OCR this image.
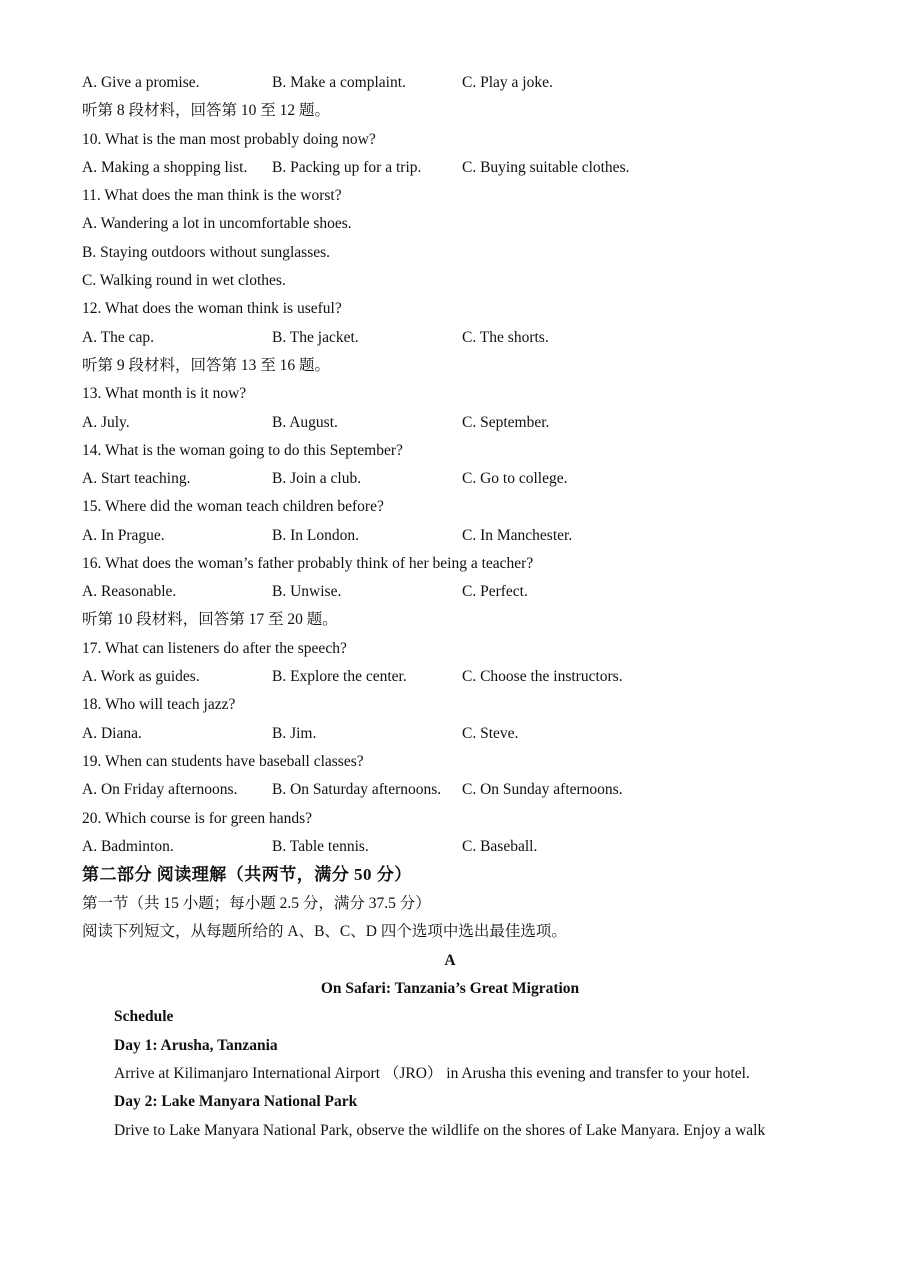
A. Give a promise.	B. Make a complaint.	C. Play a joke.
听第 8 段材料，回答第 10 至 12 题。
10. What is the man most probably doing now?
A. Making a shopping list. B. Packing up for a trip.	C. Buying suitable clothes.
11. What does the man think is the worst?
A. Wandering a lot in uncomfortable shoes.
B. Staying outdoors without sunglasses.
C. Walking round in wet clothes.
12. What does the woman think is useful?
A. The cap.	B. The jacket.	C. The shorts.
听第 9 段材料，回答第 13 至 16 题。
13. What month is it now?
A. July.	B. August.	C. September.
14. What is the woman going to do this September?
A. Start teaching.	B. Join a club.	C. Go to college.
15. Where did the woman teach children before?
A. In Prague.	B. In London.	C. In Manchester.
16. What does the woman’s father probably think of her being a teacher?
A. Reasonable.	B. Unwise.	C. Perfect.
听第 10 段材料，回答第 17 至 20 题。
17. What can listeners do after the speech?
A. Work as guides.	B. Explore the center.	C. Choose the instructors.
18. Who will teach jazz?
A. Diana.	B. Jim.	C. Steve.
19. When can students have baseball classes?
A. On Friday afternoons. B. On Saturday afternoons. C. On Sunday afternoons.
20. Which course is for green hands?
A. Badminton.	B. Table tennis.	C. Baseball.
第二部分 阅读理解（共两节，满分 50 分）
第一节（共 15 小题；每小题 2.5 分，满分 37.5 分）
阅读下列短文，从每题所给的 A、B、C、D 四个选项中选出最佳选项。
A
On Safari: Tanzania’s Great Migration
Schedule
Day 1: Arusha, Tanzania
Arrive at Kilimanjaro International Airport （JRO） in Arusha this evening and transfer to your hotel.
Day 2: Lake Manyara National Park
Drive to Lake Manyara National Park, observe the wildlife on the shores of Lake Manyara. Enjoy a walk
